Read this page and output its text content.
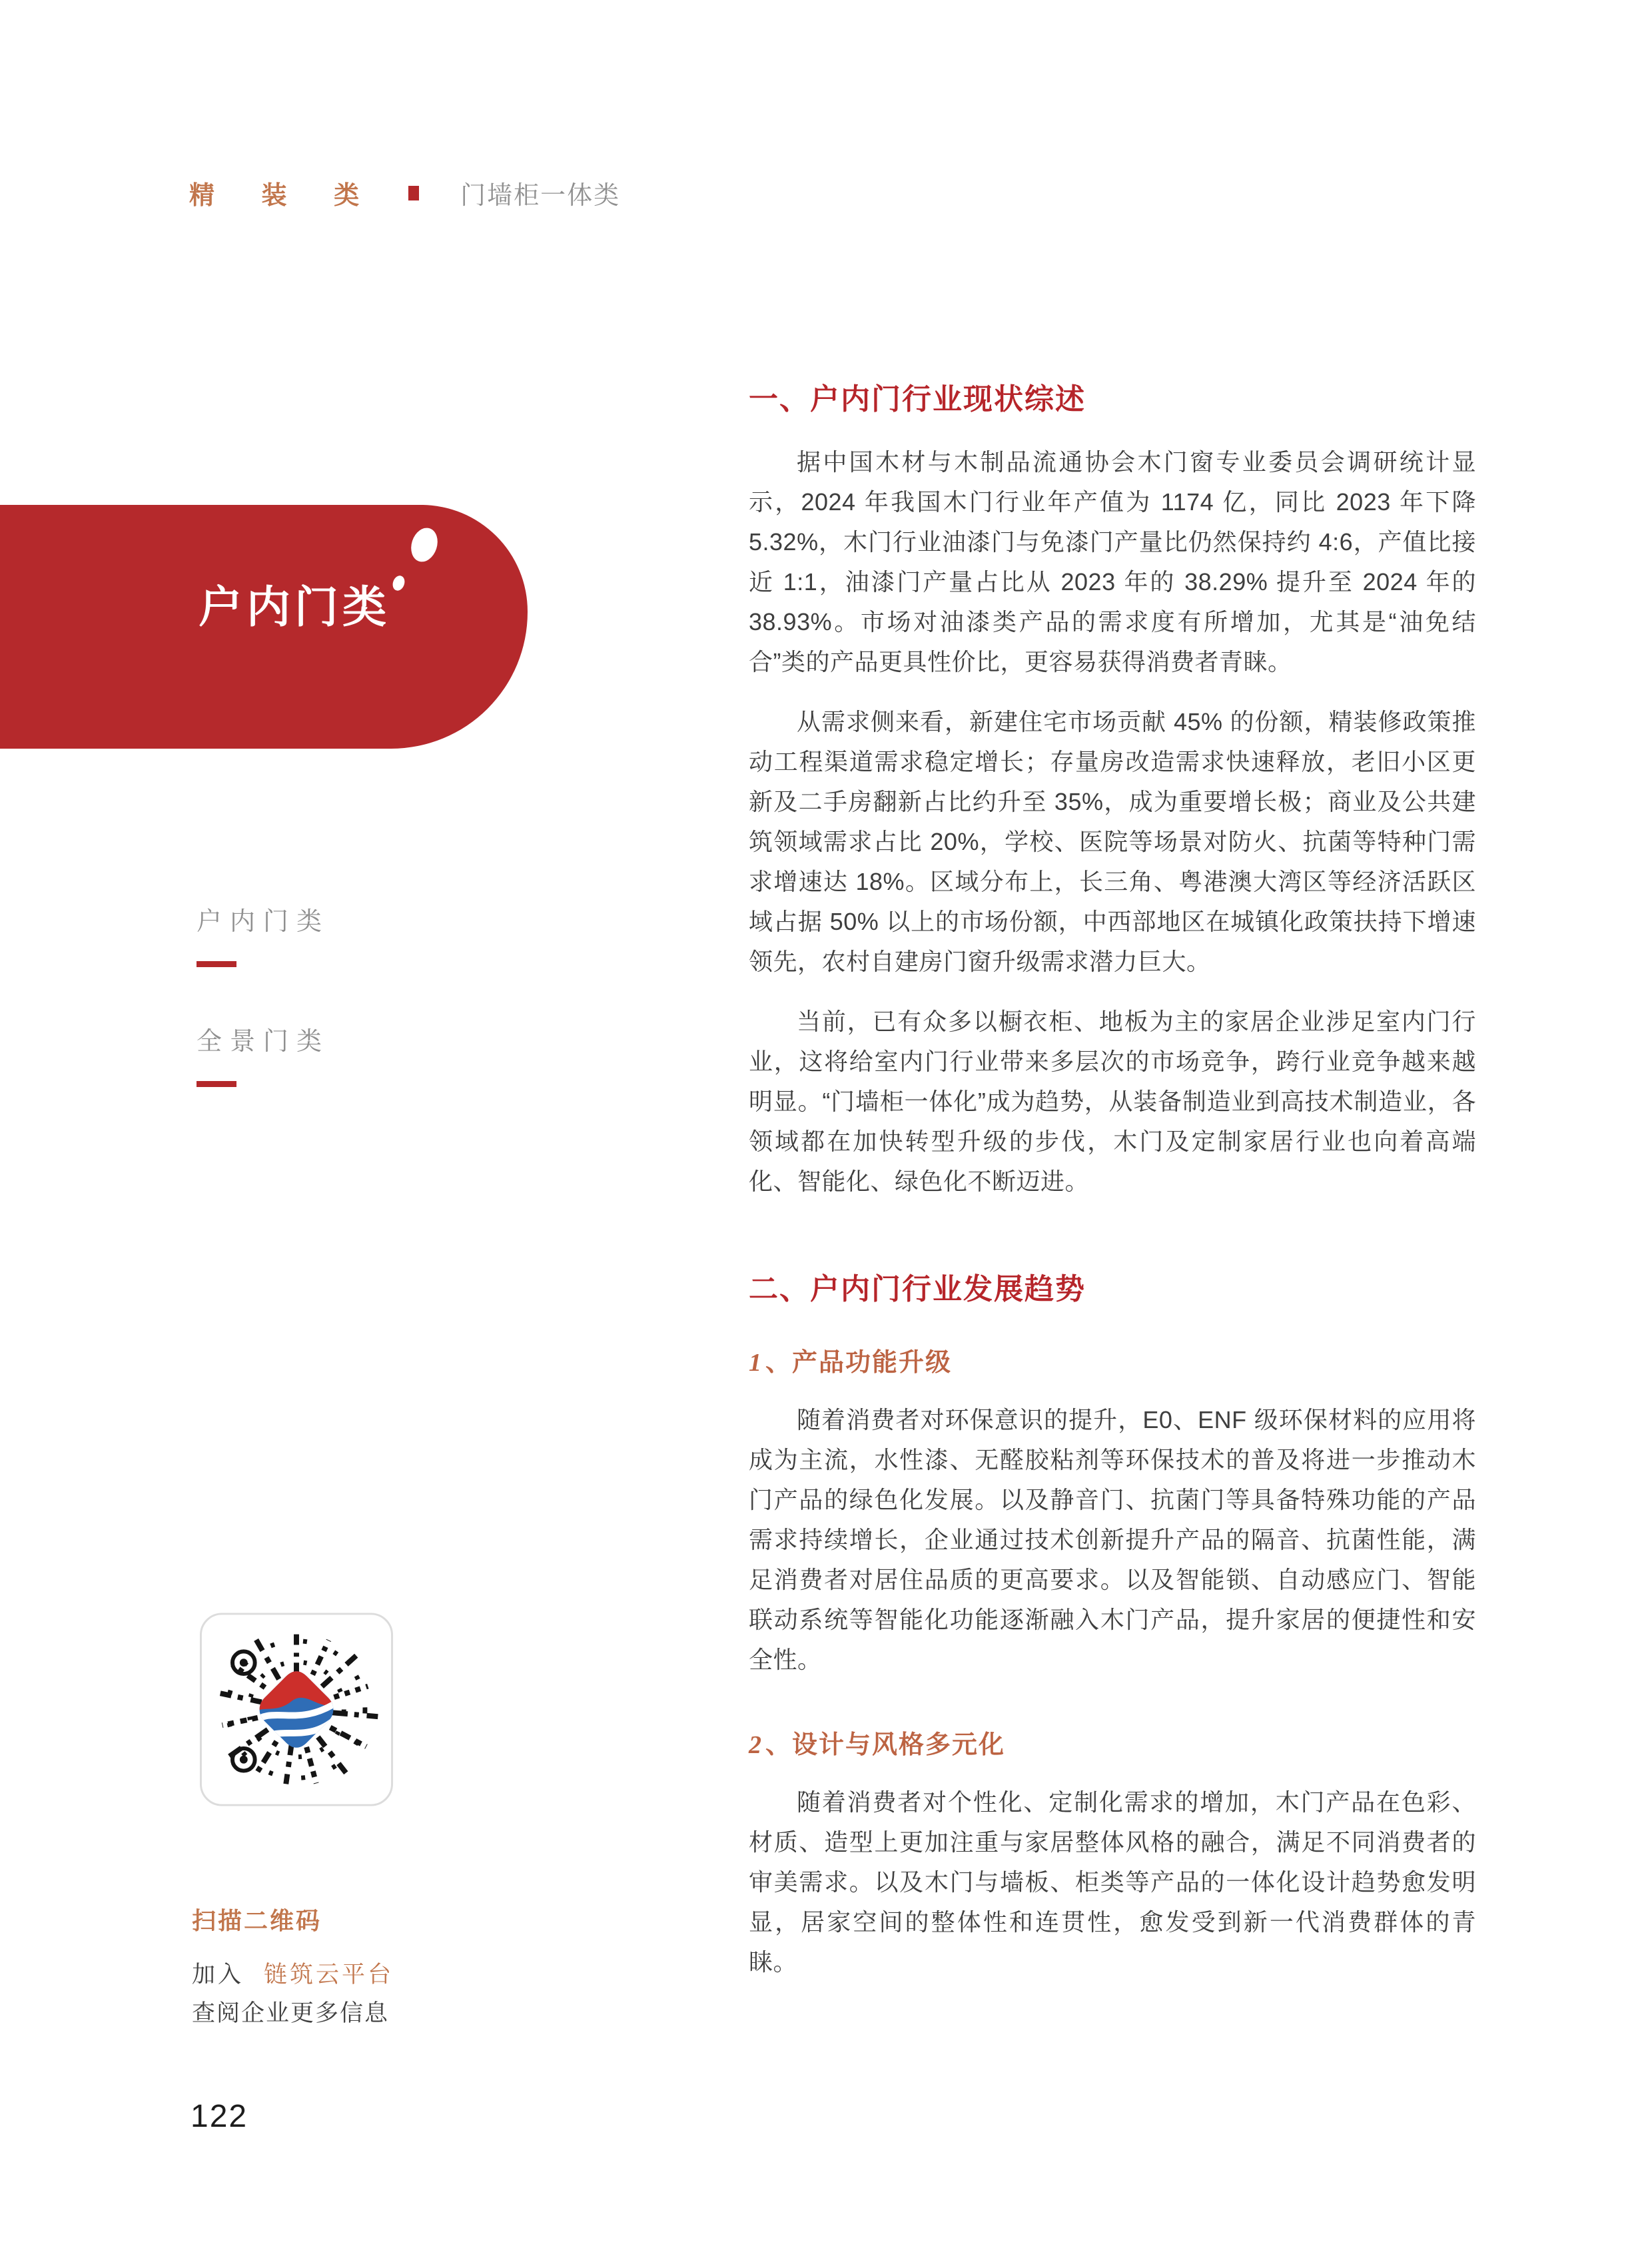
精 装 类	门墙柜一体类
户内门类
户内门类
全景门类
扫描二维码
加入 链筑云平台
查阅企业更多信息
122
一、户内门行业现状综述

据中国木材与木制品流通协会木门窗专业委员会调研统计显示，2024 年我国木门行业年产值为 1174 亿，同比 2023 年下降 5.32%，木门行业油漆门与免漆门产量比仍然保持约 4:6，产值比接近 1:1，油漆门产量占比从 2023 年的 38.29% 提升至 2024 年的 38.93%。市场对油漆类产品的需求度有所增加，尤其是“油免结合”类的产品更具性价比，更容易获得消费者青睐。

从需求侧来看，新建住宅市场贡献 45% 的份额，精装修政策推动工程渠道需求稳定增长；存量房改造需求快速释放，老旧小区更新及二手房翻新占比约升至 35%，成为重要增长极；商业及公共建筑领域需求占比 20%，学校、医院等场景对防火、抗菌等特种门需求增速达 18%。区域分布上，长三角、粤港澳大湾区等经济活跃区域占据 50% 以上的市场份额，中西部地区在城镇化政策扶持下增速领先，农村自建房门窗升级需求潜力巨大。

当前，已有众多以橱衣柜、地板为主的家居企业涉足室内门行业，这将给室内门行业带来多层次的市场竞争，跨行业竞争越来越明显。“门墙柜一体化”成为趋势，从装备制造业到高技术制造业，各领域都在加快转型升级的步伐，木门及定制家居行业也向着高端化、智能化、绿色化不断迈进。

二、户内门行业发展趋势
1 、产品功能升级

随着消费者对环保意识的提升，E0、ENF 级环保材料的应用将成为主流，水性漆、无醛胶粘剂等环保技术的普及将进一步推动木门产品的绿色化发展。以及静音门、抗菌门等具备特殊功能的产品需求持续增长，企业通过技术创新提升产品的隔音、抗菌性能，满足消费者对居住品质的更高要求。以及智能锁、自动感应门、智能联动系统等智能化功能逐渐融入木门产品，提升家居的便捷性和安全性。

2 、设计与风格多元化

随着消费者对个性化、定制化需求的增加，木门产品在色彩、材质、造型上更加注重与家居整体风格的融合，满足不同消费者的审美需求。以及木门与墙板、柜类等产品的一体化设计趋势愈发明显，居家空间的整体性和连贯性，愈发受到新一代消费群体的青睐。
